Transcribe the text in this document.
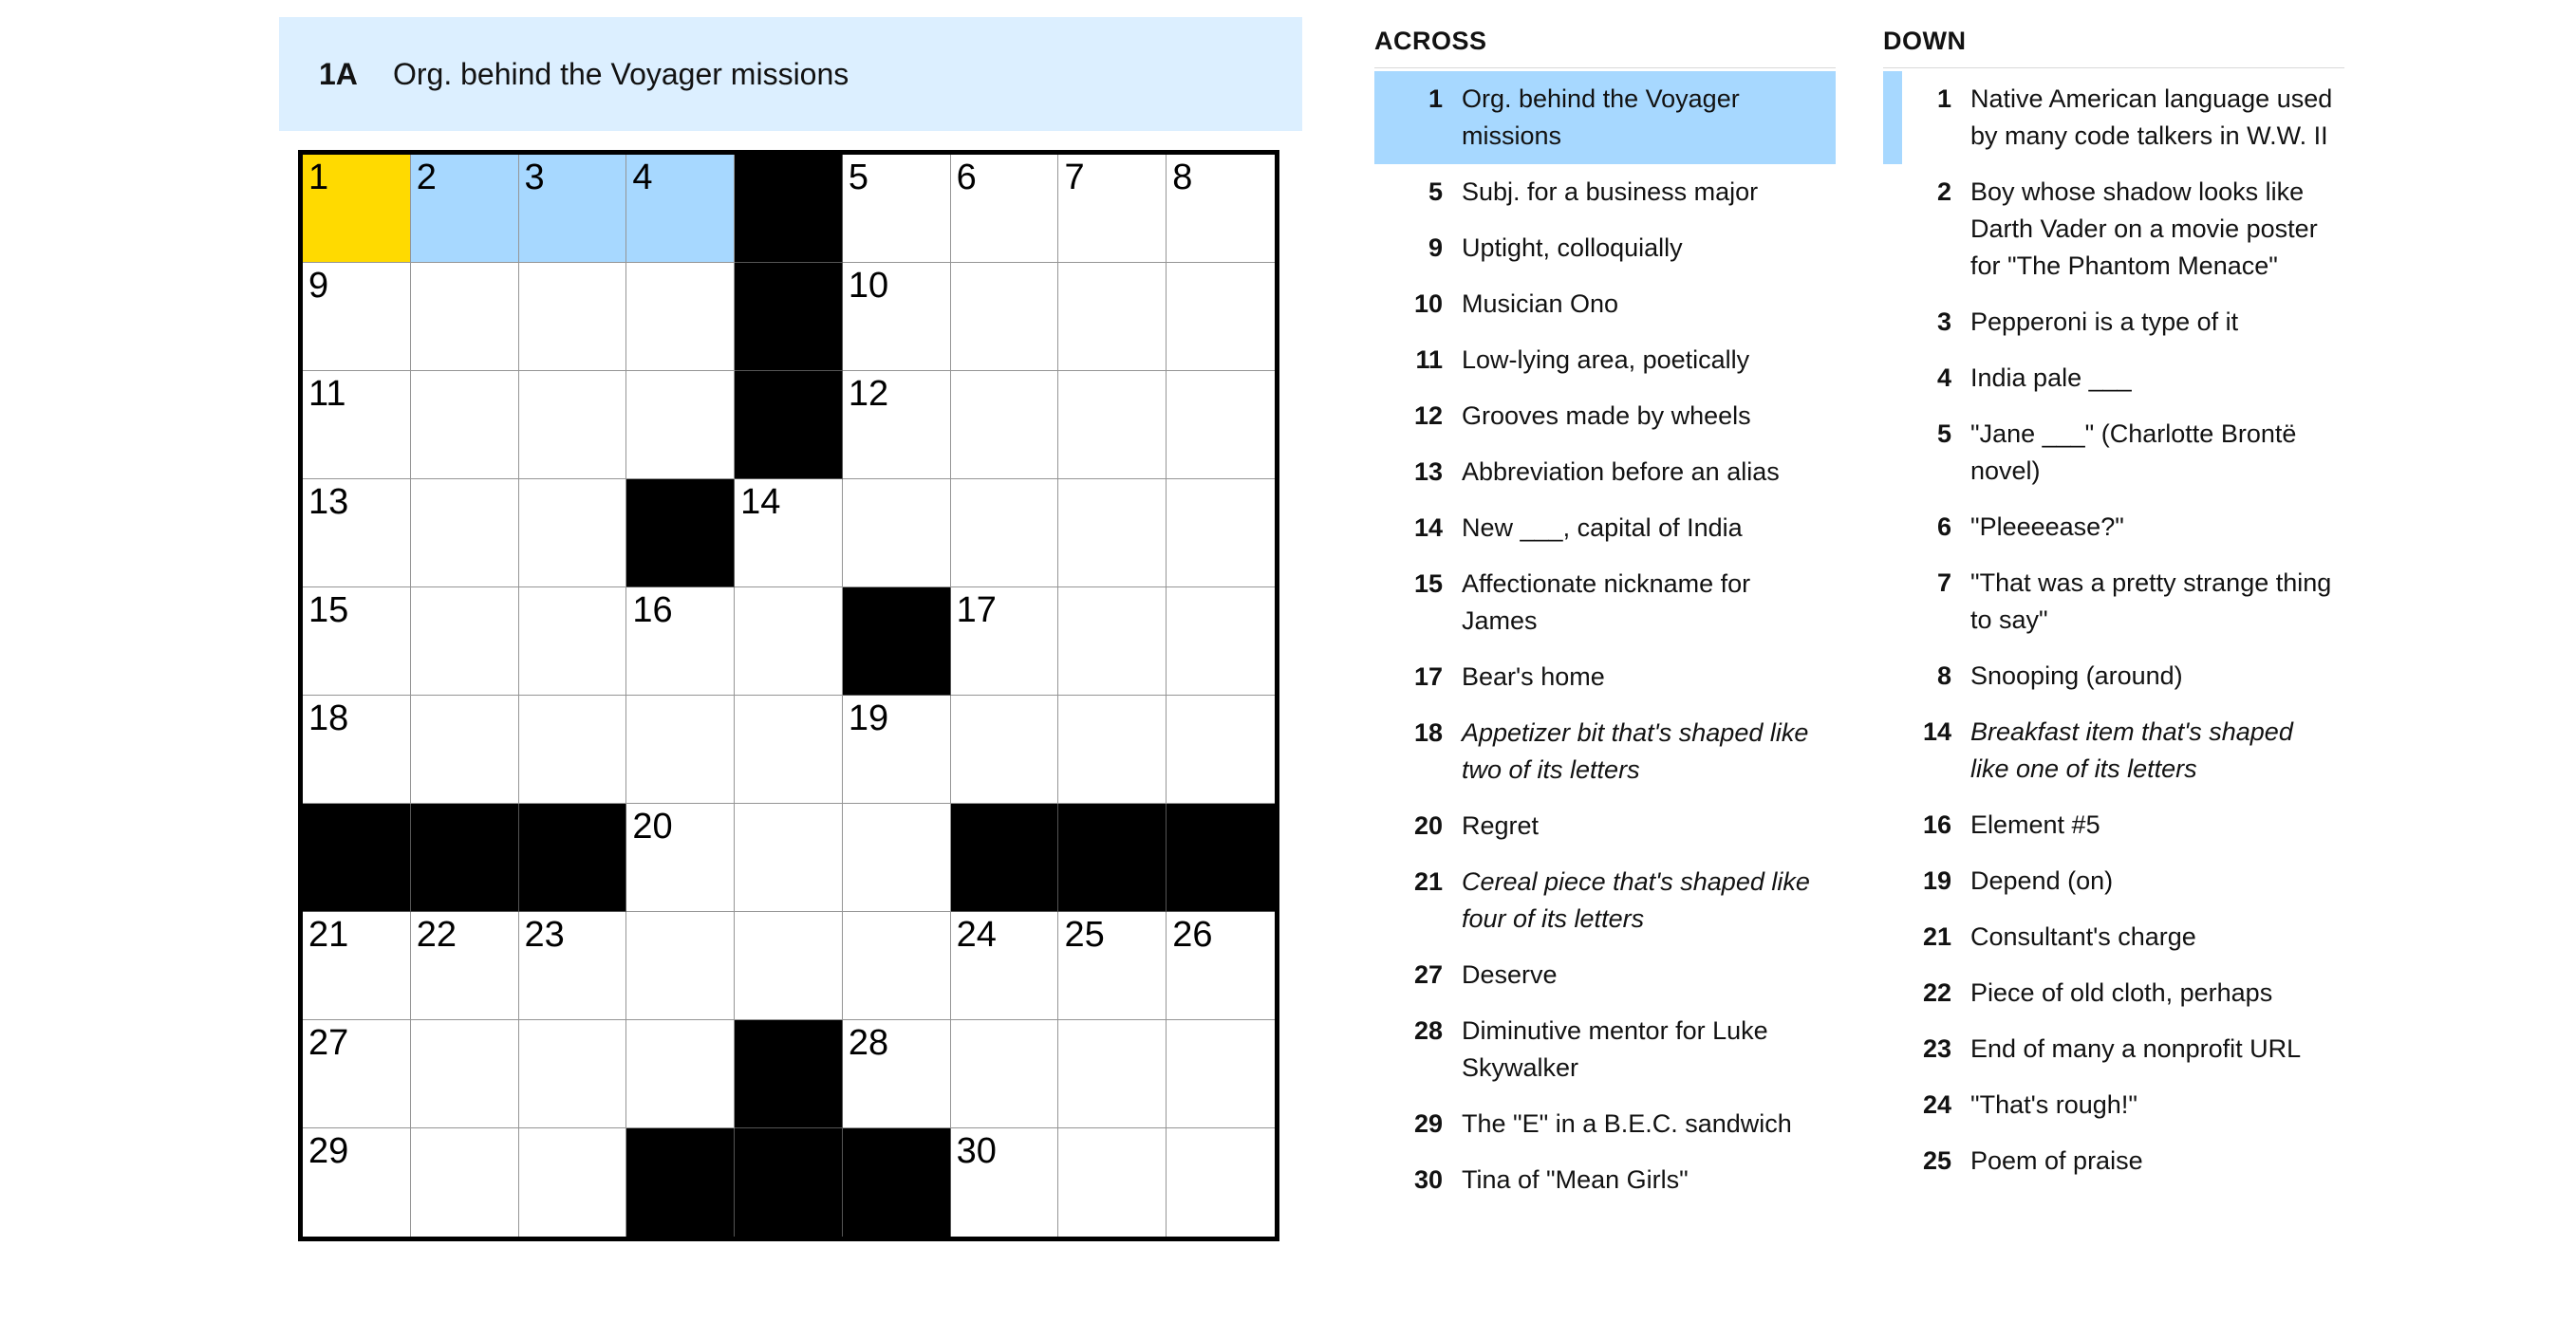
1A	Org. behind the Voyager missions
1 2 3 4	5 6 7 8
9	10
11	12
13	14
15	16	17
18	19
20
21 22 23	24 25 26
27	28
29	30
ACROSS
1 Org. behind the Voyager missions
5 Subj. for a business major
9 Uptight, colloquially
10 Musician Ono
11 Low-lying area, poetically
12 Grooves made by wheels
13 Abbreviation before an alias
14 New ___, capital of India
15 Affectionate nickname for James
17 Bear's home
18 Appetizer bit that's shaped like two of its letters
20 Regret
21 Cereal piece that's shaped like four of its letters
27 Deserve
28 Diminutive mentor for Luke Skywalker
29 The "E" in a B.E.C. sandwich
30 Tina of "Mean Girls"
DOWN
1 Native American language used by many code talkers in W.W. II
2 Boy whose shadow looks like Darth Vader on a movie poster for "The Phantom Menace"
3 Pepperoni is a type of it
4 India pale ___
5 "Jane ___" (Charlotte Brontë novel)
6 "Pleeeease?"
7 "That was a pretty strange thing to say"
8 Snooping (around)
14 Breakfast item that's shaped like one of its letters
16 Element #5
19 Depend (on)
21 Consultant's charge
22 Piece of old cloth, perhaps
23 End of many a nonprofit URL
24 "That's rough!"
25 Poem of praise
